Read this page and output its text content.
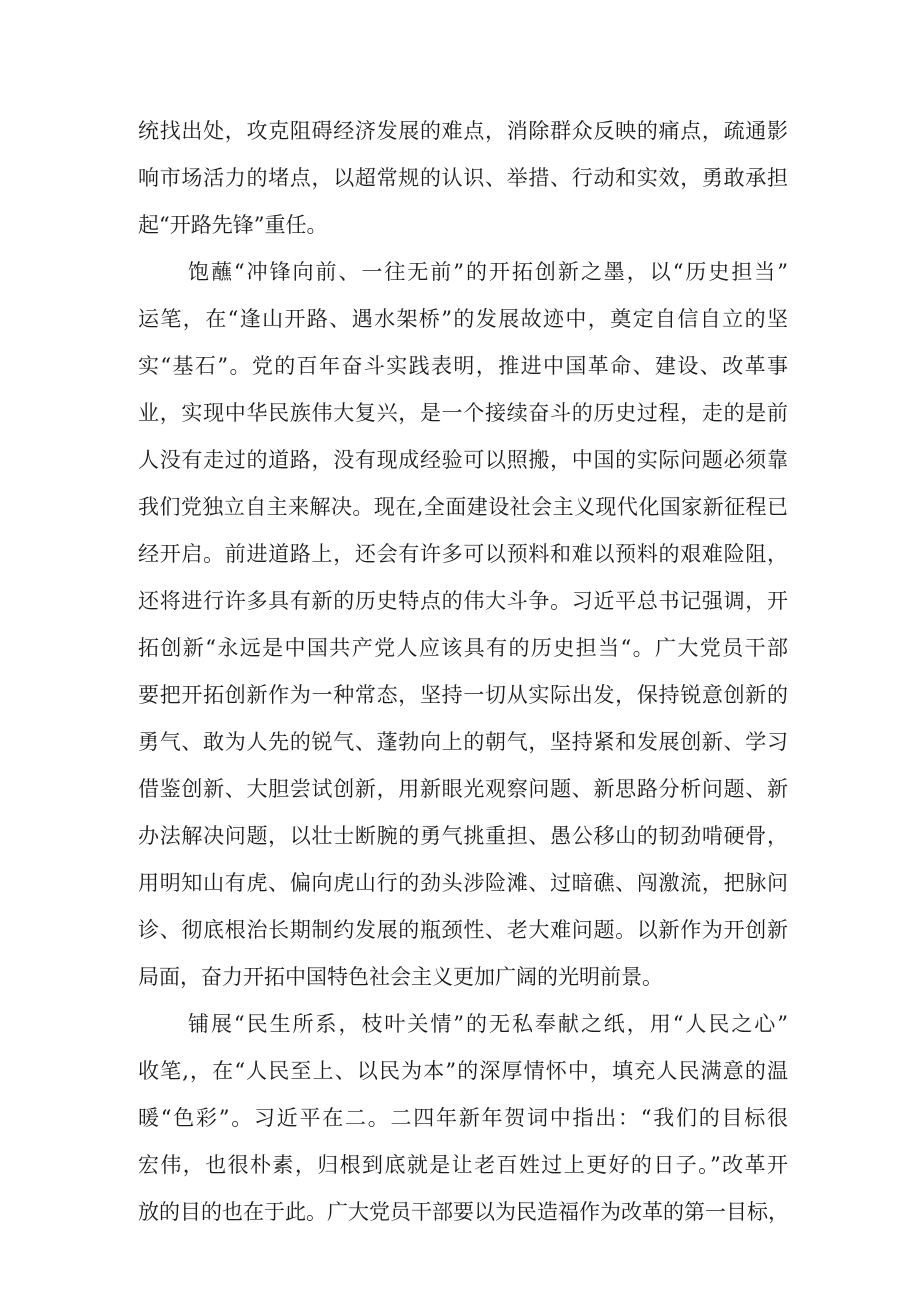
统找出处，攻克阻碍经济发展的难点，消除群众反映的痛点，疏通影
响市场活力的堵点，以超常规的认识、举措、行动和实效，勇敢承担
起“开路先锋”重任。
饱蘸“冲锋向前、一往无前”的开拓创新之墨，以“历史担当”
运笔，在“逢山开路、遇水架桥”的发展故迹中，奠定自信自立的坚
实“基石”。党的百年奋斗实践表明，推进中国革命、建设、改革事
业，实现中华民族伟大复兴，是一个接续奋斗的历史过程，走的是前
人没有走过的道路，没有现成经验可以照搬，中国的实际问题必须靠
我们党独立自主来解决。现在,全面建设社会主义现代化国家新征程已
经开启。前进道路上，还会有许多可以预料和难以预料的艰难险阻，
还将进行许多具有新的历史特点的伟大斗争。习近平总书记强调，开
拓创新“永远是中国共产党人应该具有的历史担当“。广大党员干部
要把开拓创新作为一种常态，坚持一切从实际出发，保持锐意创新的
勇气、敢为人先的锐气、蓬勃向上的朝气，坚持紧和发展创新、学习
借鉴创新、大胆尝试创新，用新眼光观察问题、新思路分析问题、新
办法解决问题，以壮士断腕的勇气挑重担、愚公移山的韧劲啃硬骨，
用明知山有虎、偏向虎山行的劲头涉险滩、过暗礁、闯激流，把脉问
诊、彻底根治长期制约发展的瓶颈性、老大难问题。以新作为开创新
局面，奋力开拓中国特色社会主义更加广阔的光明前景。
铺展“民生所系，枝叶关情”的无私奉献之纸，用“人民之心”
收笔,，在“人民至上、以民为本”的深厚情怀中，填充人民满意的温
暖“色彩”。习近平在二。二四年新年贺词中指出：“我们的目标很
宏伟，也很朴素，归根到底就是让老百姓过上更好的日子。”改革开
放的目的也在于此。广大党员干部要以为民造福作为改革的第一目标，
